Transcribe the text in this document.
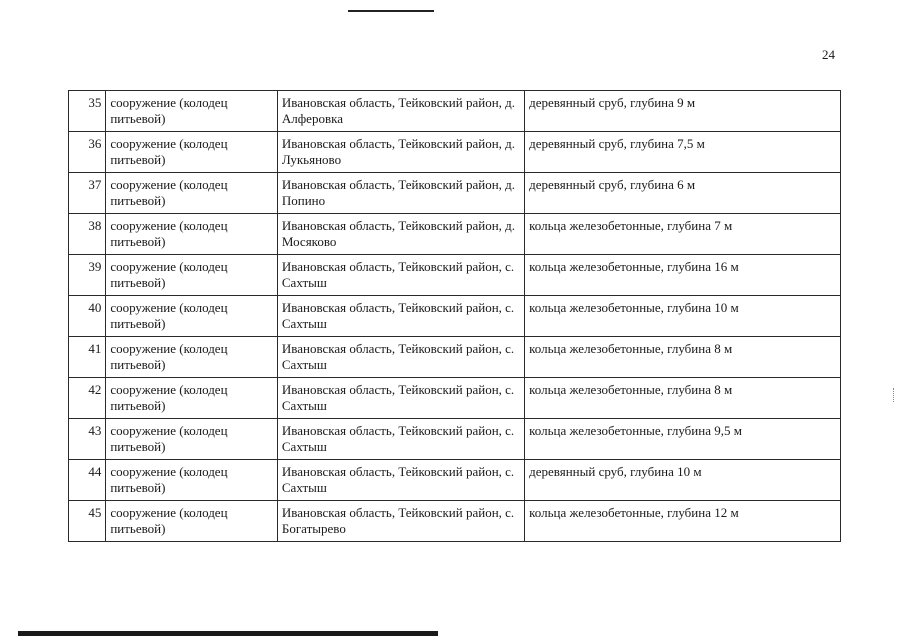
24
35	сооружение (колодец питьевой)	Ивановская область, Тейковский район, д. Алферовка	деревянный сруб, глубина 9 м
36	сооружение (колодец питьевой)	Ивановская область, Тейковский район, д. Лукьяново	деревянный сруб, глубина 7,5 м
37	сооружение (колодец питьевой)	Ивановская область, Тейковский район, д. Попино	деревянный сруб, глубина 6 м
38	сооружение (колодец питьевой)	Ивановская область, Тейковский район, д. Мосяково	кольца железобетонные, глубина 7 м
39	сооружение (колодец питьевой)	Ивановская область, Тейковский район, с. Сахтыш	кольца железобетонные, глубина 16 м
40	сооружение (колодец питьевой)	Ивановская область, Тейковский район, с. Сахтыш	кольца железобетонные, глубина 10 м
41	сооружение (колодец питьевой)	Ивановская область, Тейковский район, с. Сахтыш	кольца железобетонные, глубина 8 м
42	сооружение (колодец питьевой)	Ивановская область, Тейковский район, с. Сахтыш	кольца железобетонные, глубина 8 м
43	сооружение (колодец питьевой)	Ивановская область, Тейковский район, с. Сахтыш	кольца железобетонные, глубина 9,5 м
44	сооружение (колодец питьевой)	Ивановская область, Тейковский район, с. Сахтыш	деревянный сруб, глубина 10 м
45	сооружение (колодец питьевой)	Ивановская область, Тейковский район, с. Богатырево	кольца железобетонные, глубина 12 м
